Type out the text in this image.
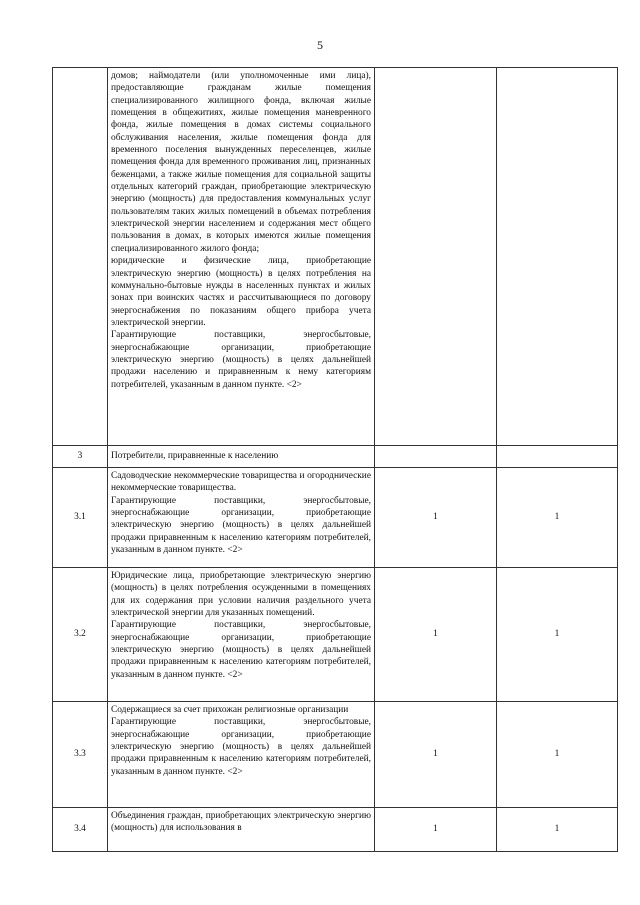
5

	домов; наймодатели (или уполномоченные ими лица), предоставляющие гражданам жилые помещения специализированного жилищного фонда, включая жилые помещения в общежитиях, жилые помещения маневренного фонда, жилые помещения в домах системы социального обслуживания населения, жилые помещения фонда для временного поселения вынужденных переселенцев, жилые помещения фонда для временного проживания лиц, признанных беженцами, а также жилые помещения для социальной защиты отдельных категорий граждан, приобретающие электрическую энергию (мощность) для предоставления коммунальных услуг пользователям таких жилых помещений в объемах потребления электрической энергии населением и содержания мест общего пользования в домах, в которых имеются жилые помещения специализированного жилого фонда;
юридические и физические лица, приобретающие электрическую энергию (мощность) в целях потребления на коммунально-бытовые нужды в населенных пунктах и жилых зонах при воинских частях и рассчитывающиеся по договору энергоснабжения по показаниям общего прибора учета электрической энергии.
Гарантирующие поставщики, энергосбытовые, энергоснабжающие организации, приобретающие электрическую энергию (мощность) в целях дальнейшей продажи населению и приравненным к нему категориям потребителей, указанным в данном пункте. <2>		

3	Потребители, приравненные к населению		

3.1	Садоводческие некоммерческие товарищества и огороднические некоммерческие товарищества.
Гарантирующие поставщики, энергосбытовые, энергоснабжающие организации, приобретающие электрическую энергию (мощность) в целях дальнейшей продажи приравненным к населению категориям потребителей, указанным в данном пункте. <2>	1	1
3.2	Юридические лица, приобретающие электрическую энергию (мощность) в целях потребления осужденными в помещениях для их содержания при условии наличия раздельного учета электрической энергии для указанных помещений.
Гарантирующие поставщики, энергосбытовые, энергоснабжающие организации, приобретающие электрическую энергию (мощность) в целях дальнейшей продажи приравненным к населению категориям потребителей, указанным в данном пункте. <2>	1	1
3.3	Содержащиеся за счет прихожан религиозные организации
Гарантирующие поставщики, энергосбытовые, энергоснабжающие организации, приобретающие электрическую энергию (мощность) в целях дальнейшей продажи приравненным к населению категориям потребителей, указанным в данном пункте. <2>	1	1
3.4	Объединения граждан, приобретающих электрическую энергию (мощность) для использования в	1	1
